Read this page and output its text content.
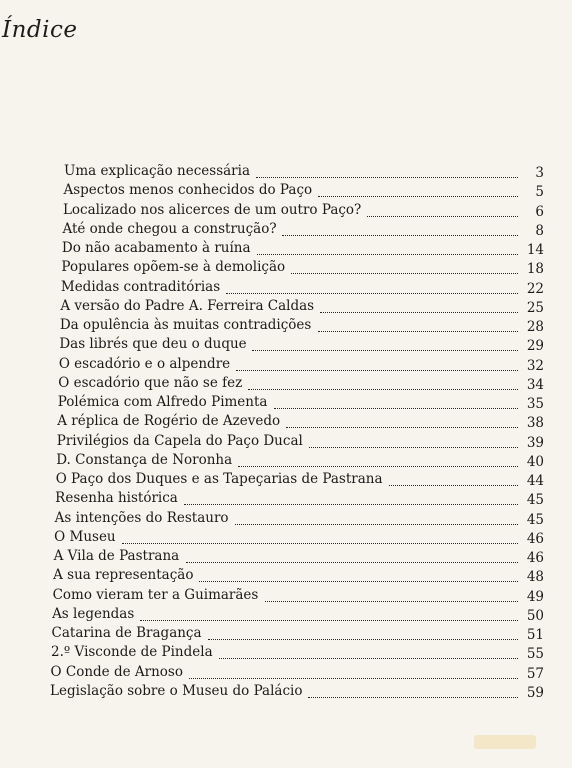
Índice
Uma explicação necessária	3
Aspectos menos conhecidos do Paço	5
Localizado nos alicerces de um outro Paço?	6
Até onde chegou a construção?	8
Do não acabamento à ruína	14
Populares opõem-se à demolição	18
Medidas contraditórias	22
A versão do Padre A. Ferreira Caldas	25
Da opulência às muitas contradições	28
Das librés que deu o duque	29
O escadório e o alpendre	32
O escadório que não se fez	34
Polémica com Alfredo Pimenta	35
A réplica de Rogério de Azevedo	38
Privilégios da Capela do Paço Ducal	39
D. Constança de Noronha	40
O Paço dos Duques e as Tapeçarias de Pastrana	44
Resenha histórica	45
As intenções do Restauro	45
O Museu	46
A Vila de Pastrana	46
A sua representação	48
Como vieram ter a Guimarães	49
As legendas	50
Catarina de Bragança	51
2.º Visconde de Pindela	55
O Conde de Arnoso	57
Legislação sobre o Museu do Palácio	59
